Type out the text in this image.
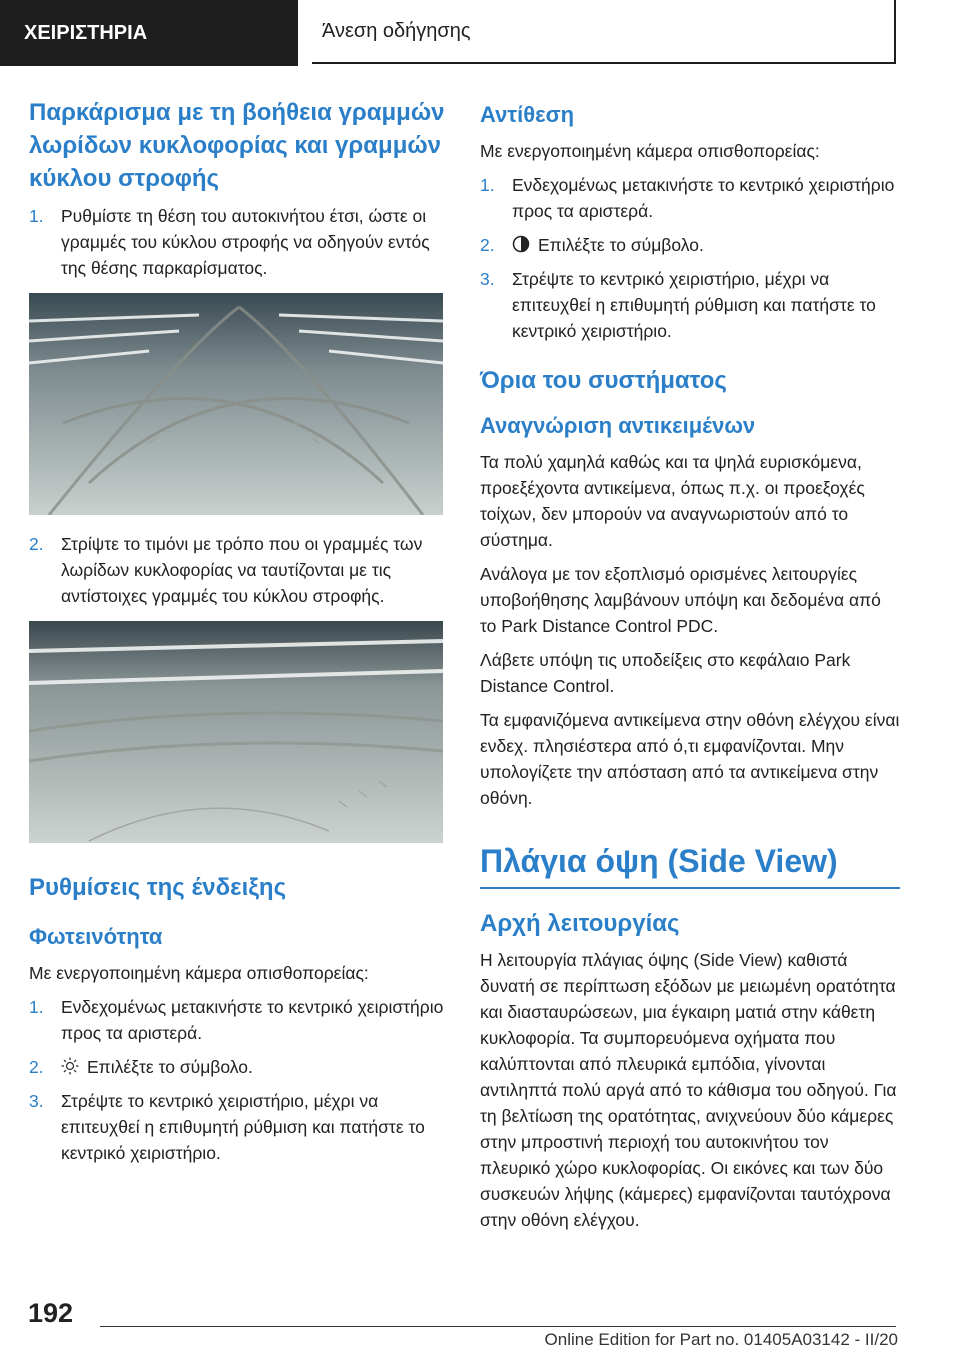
ΧΕΙΡΙΣΤΗΡΙΑ	Άνεση οδήγησης
Παρκάρισμα με τη βοήθεια γραμμών λωρίδων κυκλοφορίας και γραμμών κύκλου στροφής
1. Ρυθμίστε τη θέση του αυτοκινήτου έτσι, ώστε οι γραμμές του κύκλου στροφής να οδηγούν εντός της θέσης παρκαρίσματος.
2. Στρίψτε το τιμόνι με τρόπο που οι γραμμές των λωρίδων κυκλοφορίας να ταυτίζονται με τις αντίστοιχες γραμμές του κύκλου στροφής.
Ρυθμίσεις της ένδειξης
Φωτεινότητα

Με ενεργοποιημένη κάμερα οπισθοπορείας:

1. Ενδεχομένως μετακινήστε το κεντρικό χειριστήριο προς τα αριστερά.
2. Επιλέξτε το σύμβολο.
3. Στρέψτε το κεντρικό χειριστήριο, μέχρι να επιτευχθεί η επιθυμητή ρύθμιση και πατήστε το κεντρικό χειριστήριο.
Αντίθεση

Με ενεργοποιημένη κάμερα οπισθοπορείας:

1. Ενδεχομένως μετακινήστε το κεντρικό χειριστήριο προς τα αριστερά.
2. Επιλέξτε το σύμβολο.
3. Στρέψτε το κεντρικό χειριστήριο, μέχρι να επιτευχθεί η επιθυμητή ρύθμιση και πατήστε το κεντρικό χειριστήριο.
Όρια του συστήματος
Αναγνώριση αντικειμένων

Τα πολύ χαμηλά καθώς και τα ψηλά ευρισκόμενα, προεξέχοντα αντικείμενα, όπως π.χ. οι προεξοχές τοίχων, δεν μπορούν να αναγνωριστούν από το σύστημα.

Ανάλογα με τον εξοπλισμό ορισμένες λειτουργίες υποβοήθησης λαμβάνουν υπόψη και δεδομένα από το Park Distance Control PDC.

Λάβετε υπόψη τις υποδείξεις στο κεφάλαιο Park Distance Control.

Τα εμφανιζόμενα αντικείμενα στην οθόνη ελέγχου είναι ενδεχ. πλησιέστερα από ό,τι εμφανίζονται. Μην υπολογίζετε την απόσταση από τα αντικείμενα στην οθόνη.

Πλάγια όψη (Side View)
Αρχή λειτουργίας

Η λειτουργία πλάγιας όψης (Side View) καθιστά δυνατή σε περίπτωση εξόδων με μειωμένη ορατότητα και διασταυρώσεων, μια έγκαιρη ματιά στην κάθετη κυκλοφορία. Τα συμπορευόμενα οχήματα που καλύπτονται από πλευρικά εμπόδια, γίνονται αντιληπτά πολύ αργά από το κάθισμα του οδηγού. Για τη βελτίωση της ορατότητας, ανιχνεύουν δύο κάμερες στην μπροστινή περιοχή του αυτοκινήτου τον πλευρικό χώρο κυκλοφορίας. Οι εικόνες και των δύο συσκευών λήψης (κάμερες) εμφανίζονται ταυτόχρονα στην οθόνη ελέγχου.

192
Online Edition for Part no. 01405A03142 - II/20
